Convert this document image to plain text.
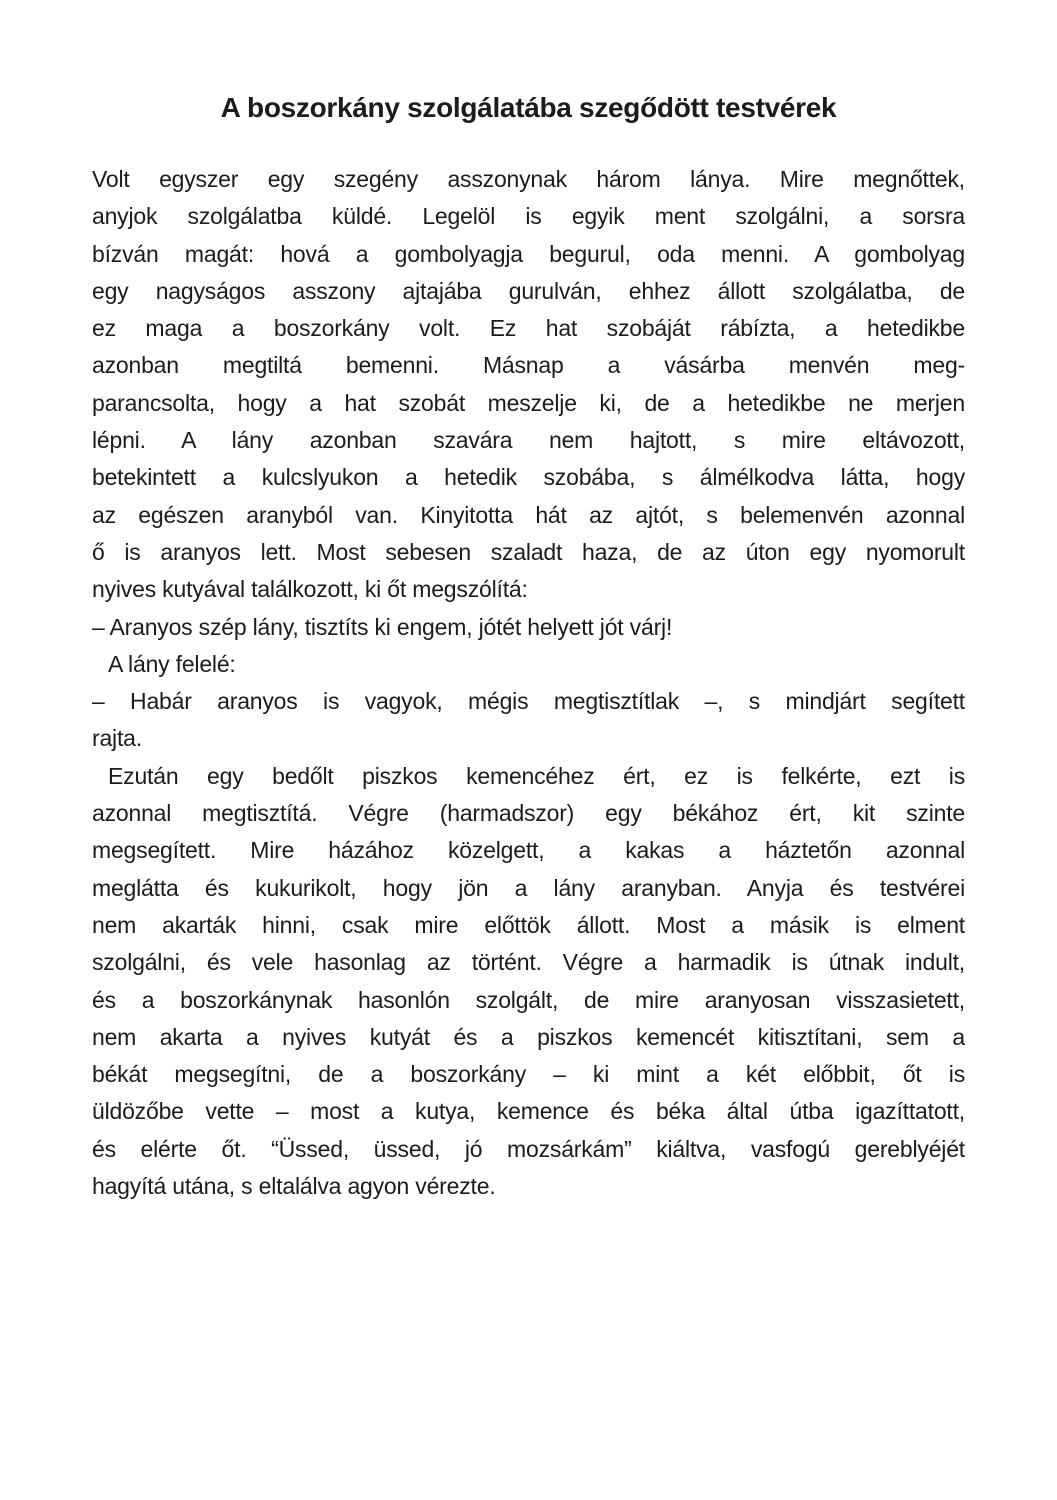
A boszorkány szolgálatába szegődött testvérek
Volt egyszer egy szegény asszonynak három lánya. Mire megnőttek,
anyjok szolgálatba küldé. Legelöl is egyik ment szolgálni, a sorsra
bízván magát: hová a gombolyagja begurul, oda menni. A gombolyag
egy nagyságos asszony ajtajába gurulván, ehhez állott szolgálatba, de
ez maga a boszorkány volt. Ez hat szobáját rábízta, a hetedikbe
azonban megtiltá bemenni. Másnap a vásárba menvén meg-
parancsolta, hogy a hat szobát meszelje ki, de a hetedikbe ne merjen
lépni. A lány azonban szavára nem hajtott, s mire eltávozott,
betekintett a kulcslyukon a hetedik szobába, s álmélkodva látta, hogy
az egészen aranyból van. Kinyitotta hát az ajtót, s belemenvén azonnal
ő is aranyos lett. Most sebesen szaladt haza, de az úton egy nyomorult
nyives kutyával találkozott, ki őt megszólítá:
– Aranyos szép lány, tisztíts ki engem, jótét helyett jót várj!
A lány felelé:
– Habár aranyos is vagyok, mégis megtisztítlak –, s mindjárt segített
rajta.
Ezután egy bedőlt piszkos kemencéhez ért, ez is felkérte, ezt is
azonnal megtisztítá. Végre (harmadszor) egy békához ért, kit szinte
megsegített. Mire házához közelgett, a kakas a háztetőn azonnal
meglátta és kukurikolt, hogy jön a lány aranyban. Anyja és testvérei
nem akarták hinni, csak mire előttök állott. Most a másik is elment
szolgálni, és vele hasonlag az történt. Végre a harmadik is útnak indult,
és a boszorkánynak hasonlón szolgált, de mire aranyosan visszasietett,
nem akarta a nyives kutyát és a piszkos kemencét kitisztítani, sem a
békát megsegítni, de a boszorkány – ki mint a két előbbit, őt is
üldözőbe vette – most a kutya, kemence és béka által útba igazíttatott,
és elérte őt. “Üssed, üssed, jó mozsárkám” kiáltva, vasfogú gereblyéjét
hagyítá utána, s eltalálva agyon vérezte.
